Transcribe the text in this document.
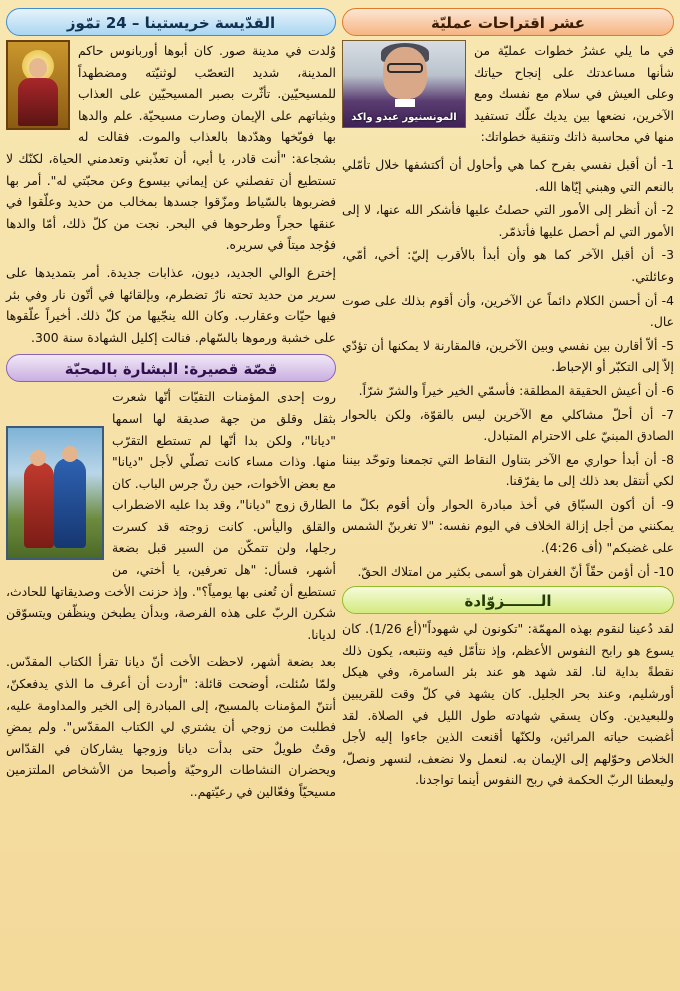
عشر اقتراحات عمليّة
المونسنيور عبدو واكد

في ما يلي عشرُ خطوات عمليّة من شأنها مساعدتك على إنجاح حياتك وعلى العيش في سلام مع نفسك ومع الآخرين، نضعها بين يديك علّك تستفيد منها في محاسبة ذاتك وتنقية خطواتك:

1- أن أقبل نفسي بفرح كما هي وأحاول أن أكتشفها خلال تأمّلي بالنعم التي وهبني إيّاها الله.

2- أن أنظر إلى الأمور التي حصلتُ عليها فأشكر الله عنها، لا إلى الأمور التي لم أحصل عليها فأتذمّر.

3- أن أقبل الآخر كما هو وأن أبدأ بالأقرب إليّ: أخي، أمّي، وعائلتي.

4- أن أحسن الكلام دائماً عن الآخرين، وأن أقوم بذلك على صوت عال.

5- ألاّ أقارن بين نفسي وبين الآخرين، فالمقارنة لا يمكنها أن تؤدّي إلاّ إلى التكبّر أو الإحباط.

6- أن أعيش الحقيقة المطلقة: فأسمّي الخير خيراً والشرّ شرّاً.

7- أن أحلّ مشاكلي مع الآخرين ليس بالقوّة، ولكن بالحوار الصادق المبنيّ على الاحترام المتبادل.

8- أن أبدأ حواري مع الآخر بتناول النقاط التي تجمعنا وتوحّد بيننا لكي أنتقل بعد ذلك إلى ما يفرّقنا.

9- أن أكون السبّاق في أخذ مبادرة الحوار وأن أقوم بكلّ ما يمكنني من أجل إزالة الخلاف في اليوم نفسه: "لا تغربنّ الشمس على غضبكم" (أف 4:26).

10- أن أؤمن حقّاً أنّ الغفران هو أسمى بكثير من امتلاك الحقّ.

الـــــــزوّادة

لقد دُعينا لنقوم بهذه المهمّة: "تكونون لي شهوداً"(أع 1/26). كان يسوع هو رابح النفوس الأعظم، وإذ نتأمّل فيه ونتبعه، يكون ذلك نقطةً بداية لنا. لقد شهد هو عند بئر السامرة، وفي هيكل أورشليم، وعند بحر الجليل. كان يشهد في كلّ وقت للقريبين وللبعيدين. وكان يسقي شهادته طول الليل في الصلاة. لقد أغضبت حياته المرائين، ولكنّها أقنعت الذين جاءوا إليه لأجل الخلاص وحوّلهم إلى الإيمان به. لنعمل ولا نضعف، لنسهر ونصلّ، وليعطنا الربّ الحكمة في ربح النفوس أينما تواجدنا.

القدّيسة خريستينا – 24 تمّوز

وُلدت في مدينة صور. كان أبوها أوربانوس حاكم المدينة، شديد التعصّب لوثنيّته ومضطهداً للمسيحيّين. تأثّرت بصبر المسيحيّين على العذاب وبثباتهم على الإيمان وصارت مسيحيّة. علم والدها بها فوبّخها وهدّدها بالعذاب والموت. فقالت له بشجاعة: "أنت قادر، يا أبي، أن تعذّبني وتعدمني الحياة، لكنّك لا تستطيع أن تفصلني عن إيماني بيسوع وعن محبّتي له". أمر بها فضربوها بالسّياط ومزّقوا جسدها بمخالب من حديد وعلّقوا في عنقها حجراً وطرحوها في البحر. نجت من كلّ ذلك، أمّا والدها فوُجد ميتاً في سريره.

إخترع الوالي الجديد، ديون، عذابات جديدة. أمر بتمديدها على سرير من حديد تحته نارٌ تضطرم، وبإلقائها في أتّون نار وفي بئر فيها حيّات وعقارب. وكان الله ينجّيها من كلّ ذلك. أخيراً علّقوها على خشبة ورموها بالسّهام. فنالت إكليل الشهادة سنة 300.

قصّة قصيرة: البشارة بالمحبّة

روت إحدى المؤمنات التقيّات أنّها شعرت بثقل وقلق من جهة صديقة لها اسمها "ديانا"، ولكن بدا أنّها لم تستطع التقرّب منها. وذات مساء كانت تصلّي لأجل "ديانا" مع بعض الأخوات، حين رنّ جرس الباب. كان الطارق زوج "ديانا"، وقد بدا عليه الاضطراب والقلق واليأس. كانت زوجته قد كسرت رجلها، ولن تتمكّن من السير قبل بضعة أشهر، فسأل: "هل تعرفين، يا أختي، من تستطيع أن تُعنى بها يومياً؟". وإذ حزنت الأخت وصديقاتها للحادث، شكرن الربّ على هذه الفرصة، وبدأن يطبخن وينظّفن ويتسوّقن لديانا.

بعد بضعة أشهر، لاحظت الأخت أنّ ديانا تقرأ الكتاب المقدّس. ولمّا سُئلت، أوضحت قائلة: "أردت أن أعرف ما الذي يدفعكنّ، أنتنّ المؤمنات بالمسيح، إلى المبادرة إلى الخير والمداومة عليه، فطلبت من زوجي أن يشتري لي الكتاب المقدّس". ولم يمضِ وقتٌ طويلٌ حتى بدأت ديانا وزوجها يشاركان في القدّاس ويحضران النشاطات الروحيّة وأصبحا من الأشخاص الملتزمين مسيحيّاً وفعّالين في رعيّتهم..
